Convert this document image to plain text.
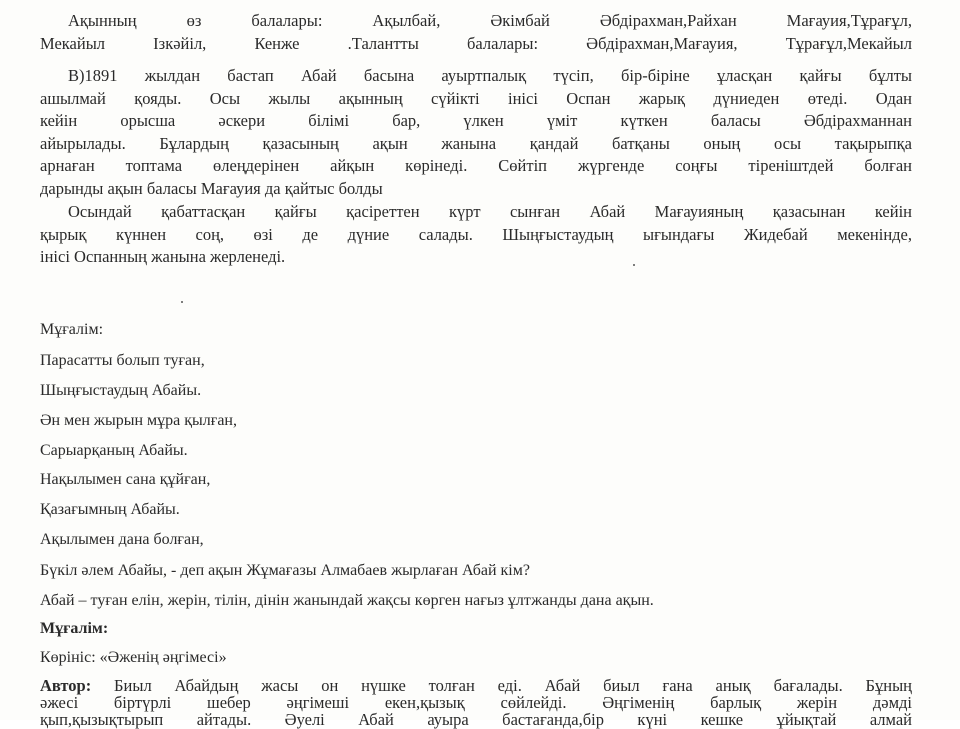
Ақынның өз балалары: Ақылбай, Әкімбай Әбдірахман,Райхан Мағауия,Тұрағұл,
Мекайыл Ізкәйіл, Кенже .Талантты балалары: Әбдірахман,Мағауия, Тұрағұл,Мекайыл
В)1891 жылдан бастап Абай басына ауыртпалық түсіп, бір-біріне ұласқан қайғы бұлты
ашылмай қояды. Осы жылы ақынның сүйікті інісі Оспан жарық дүниеден өтеді. Одан
кейін орысша әскери білімі бар, үлкен үміт күткен баласы Әбдірахманнан
айырылады. Бұлардың қазасының ақын жанына қандай батқаны оның осы тақырыпқа
арнаған топтама өлеңдерінен айқын көрінеді. Сөйтіп жүргенде соңғы тіреніштдей болған
дарынды ақын баласы Мағауия да қайтыс болды
Осындай қабаттасқан қайғы қасіреттен күрт сынған Абай Мағауияның қазасынан кейін
қырық күннен соң, өзі де дүние салады. Шыңғыстаудың ығындағы Жидебай мекенінде,
інісі Оспанның жанына жерленеді.

Мұғалім:

Парасатты болып туған,

Шыңғыстаудың Абайы.

Ән мен жырын мұра қылған,

Сарыарқаның Абайы.

Нақылымен сана құйған,

Қазағымның Абайы.

Ақылымен дана болған,

Бүкіл әлем Абайы, - деп ақын Жұмағазы Алмабаев жырлаған Абай кім?

Абай – туған елін, жерін, тілін, дінін жанындай жақсы көрген нағыз ұлтжанды дана ақын.

Мұғалім:

Көрініс: «Әженің әңгімесі»

Автор: Биыл Абайдың жасы он нүшке толған еді. Абай биыл ғана анық бағалады. Бұның
әжесі біртүрлі шебер әңгімеші екен,қызық сөйлейді. Әңгіменің барлық жерін дәмді
қып,қызықтырып айтады. Әуелі Абай ауыра бастағанда,бір күні кешке ұйықтай алмай
